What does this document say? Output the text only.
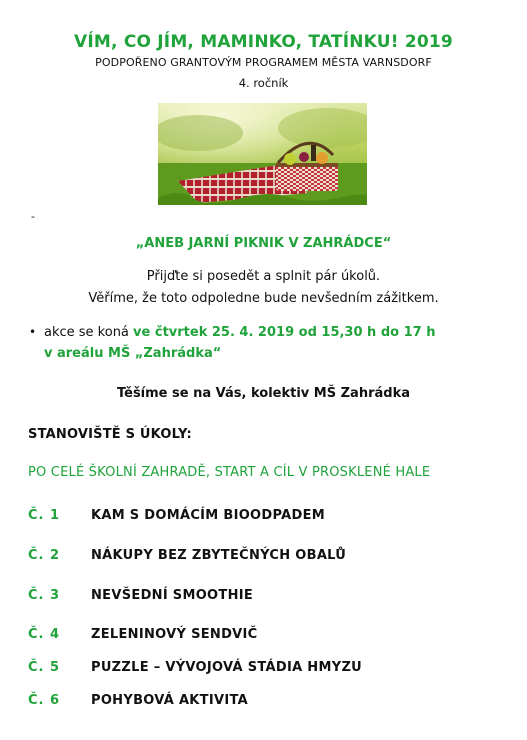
VÍM, CO JÍM, MAMINKO, TATÍNKU! 2019
PODPOŘENO GRANTOVÝM PROGRAMEM MĚSTA VARNSDORF
4. ročník
-
„ANEB JARNÍ PIKNIK V ZAHRÁDCE“
Přijďte si posedět a splnit pár úkolů.
Věříme, že toto odpoledne bude nevšedním zážitkem.
• akce se koná ve čtvrtek 25. 4. 2019 od 15,30 h do 17 h
v areálu MŠ „Zahrádka“
Těšíme se na Vás, kolektiv MŠ Zahrádka
STANOVIŠTĚ S ÚKOLY:
PO CELÉ ŠKOLNÍ ZAHRADĚ, START A CÍL V PROSKLENÉ HALE
Č. 1 KAM S DOMÁCÍM BIOODPADEM
Č. 2 NÁKUPY BEZ ZBYTEČNÝCH OBALŮ
Č. 3 NEVŠEDNÍ SMOOTHIE
Č. 4 ZELENINOVÝ SENDVIČ
Č. 5 PUZZLE – VÝVOJOVÁ STÁDIA HMYZU
Č. 6 POHYBOVÁ AKTIVITA
